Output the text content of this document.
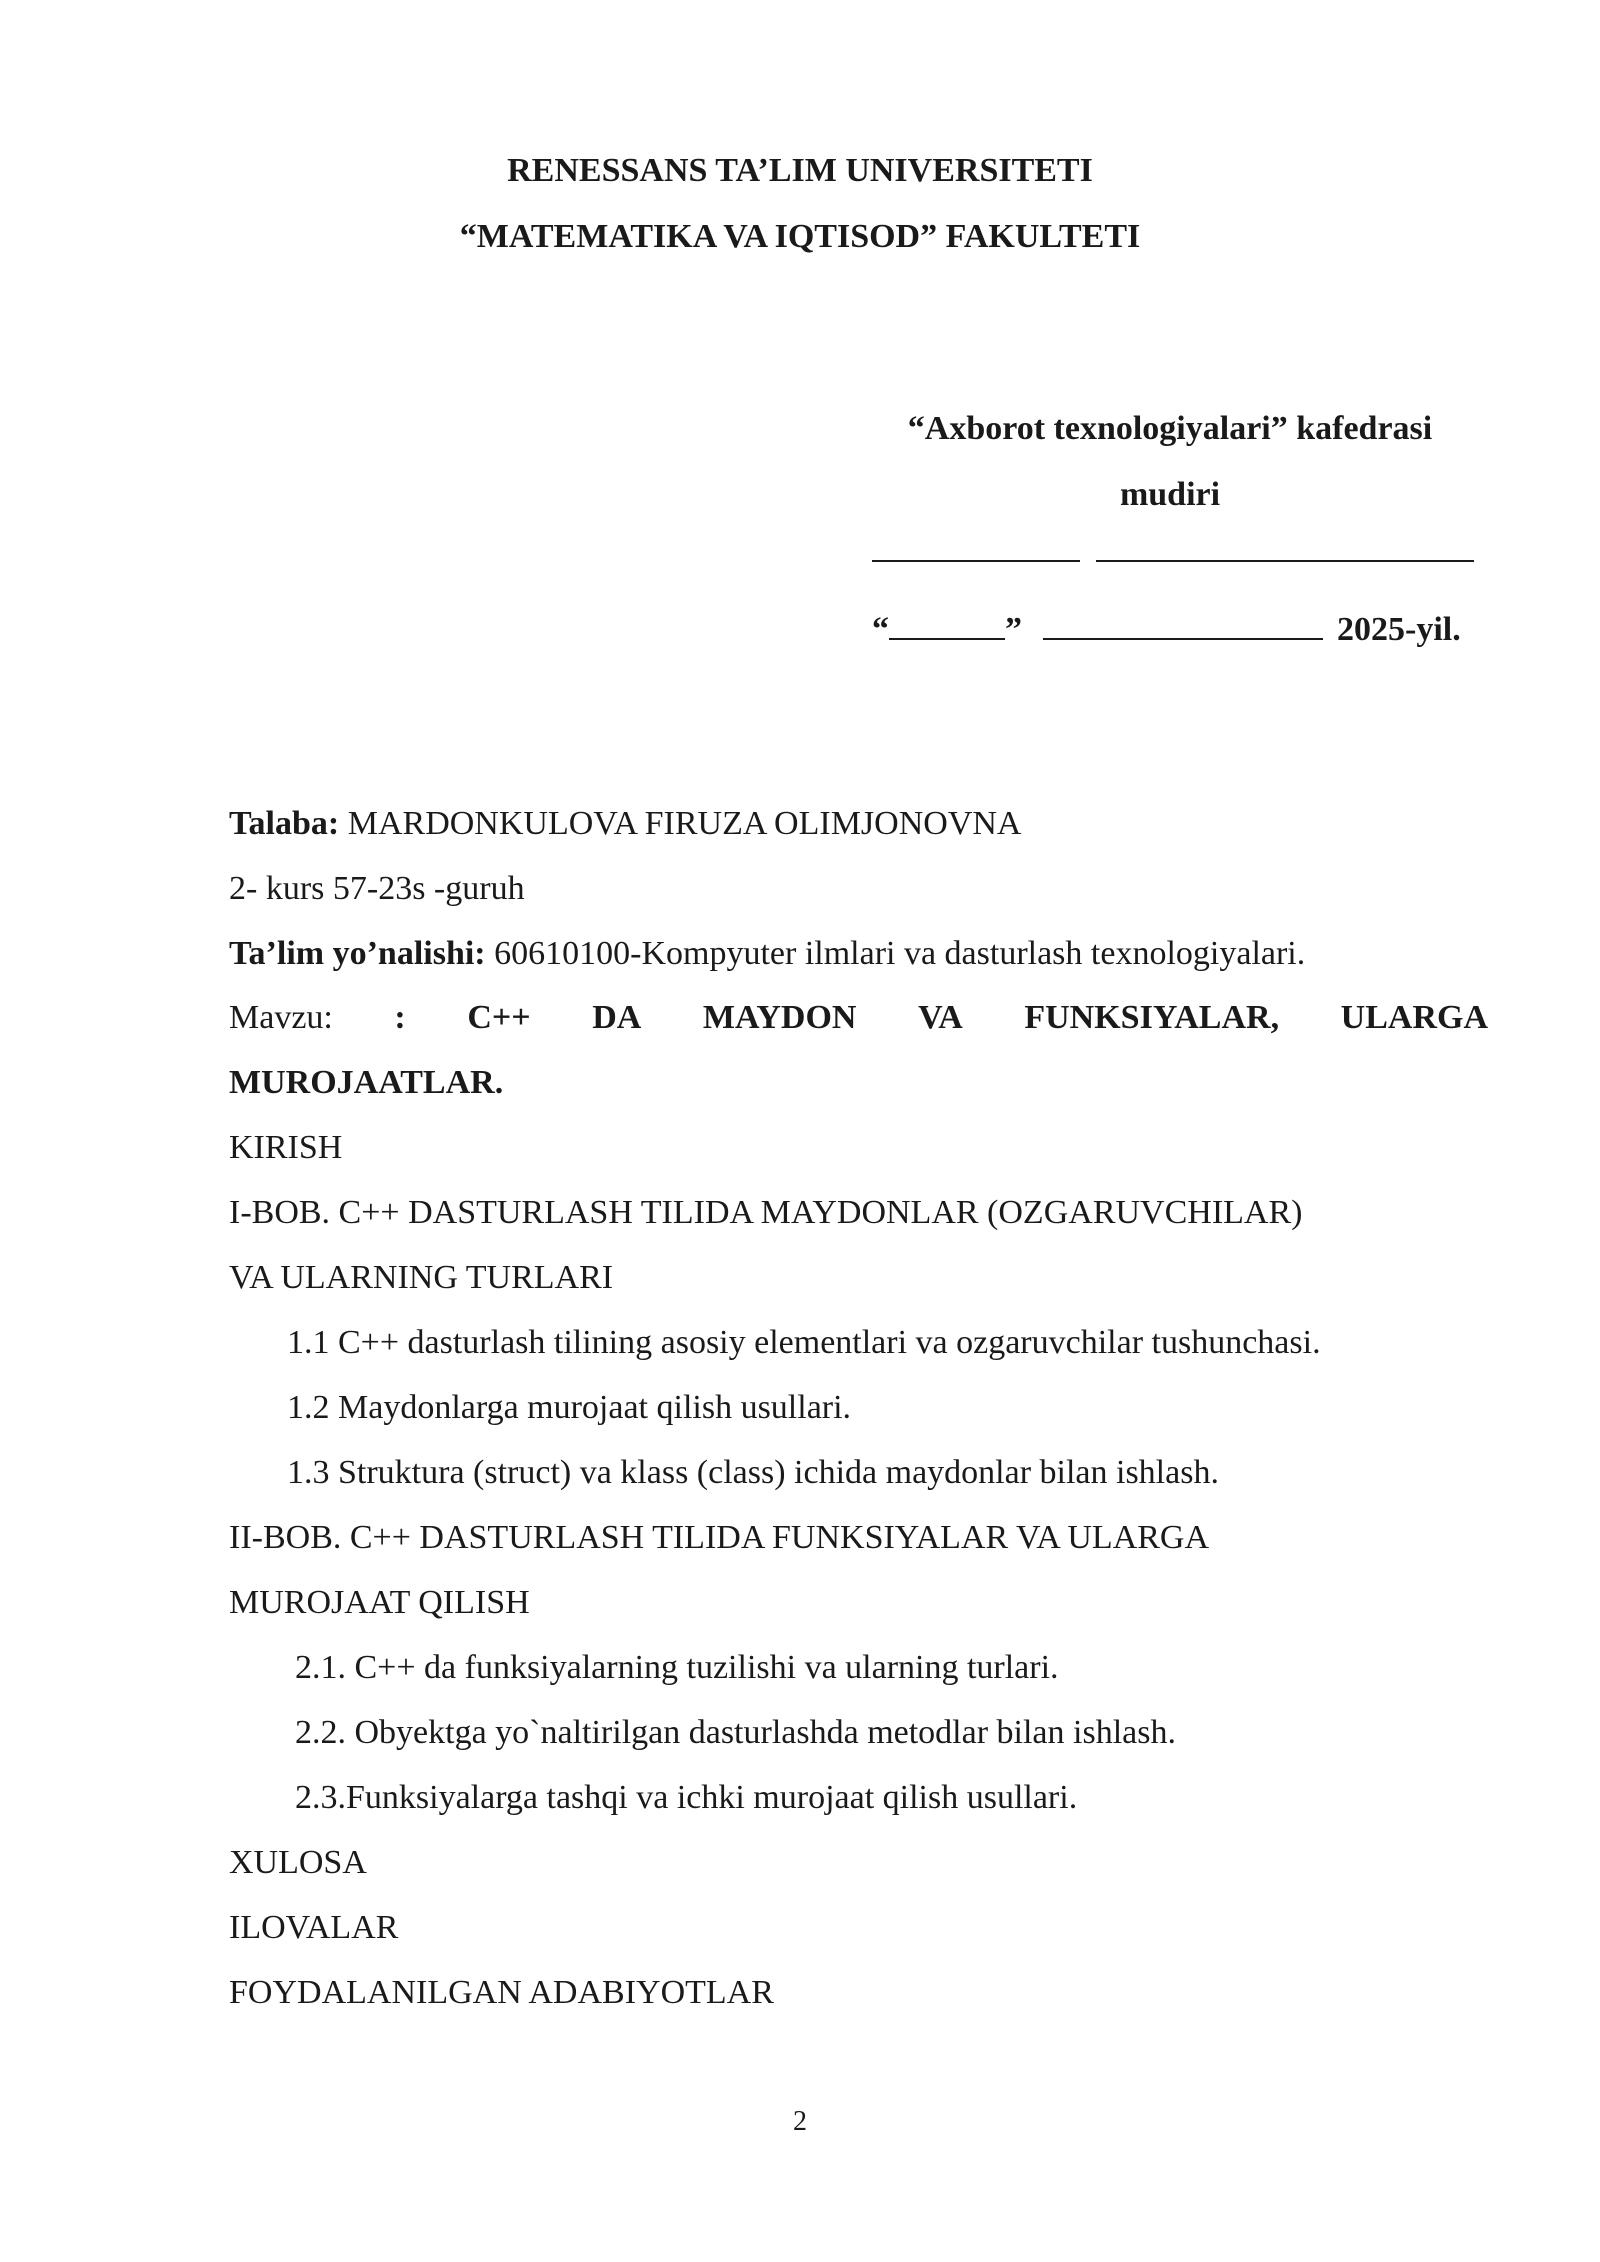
RENESSANS TA’LIM UNIVERSITETI
“MATEMATIKA VA IQTISOD” FAKULTETI
“Axborot texnologiyalari” kafedrasi
mudiri
“	”	2025-yil.
Talaba: MARDONKULOVA FIRUZA OLIMJONOVNA
2- kurs 57-23s -guruh
Ta’lim yo’nalishi: 60610100-Kompyuter ilmlari va dasturlash texnologiyalari.
Mavzu: : C++ DA MAYDON VA FUNKSIYALAR, ULARGA
MUROJAATLAR.
KIRISH
I-BOB. C++ DASTURLASH TILIDA MAYDONLAR (OZGARUVCHILAR)
VA ULARNING TURLARI
1.1 C++ dasturlash tilining asosiy elementlari va ozgaruvchilar tushunchasi.
1.2 Maydonlarga murojaat qilish usullari.
1.3 Struktura (struct) va klass (class) ichida maydonlar bilan ishlash.
II-BOB. C++ DASTURLASH TILIDA FUNKSIYALAR VA ULARGA
MUROJAAT QILISH
2.1. C++ da funksiyalarning tuzilishi va ularning turlari.
2.2. Obyektga yo`naltirilgan dasturlashda metodlar bilan ishlash.
2.3.Funksiyalarga tashqi va ichki murojaat qilish usullari.
XULOSA
ILOVALAR
FOYDALANILGAN ADABIYOTLAR
2
